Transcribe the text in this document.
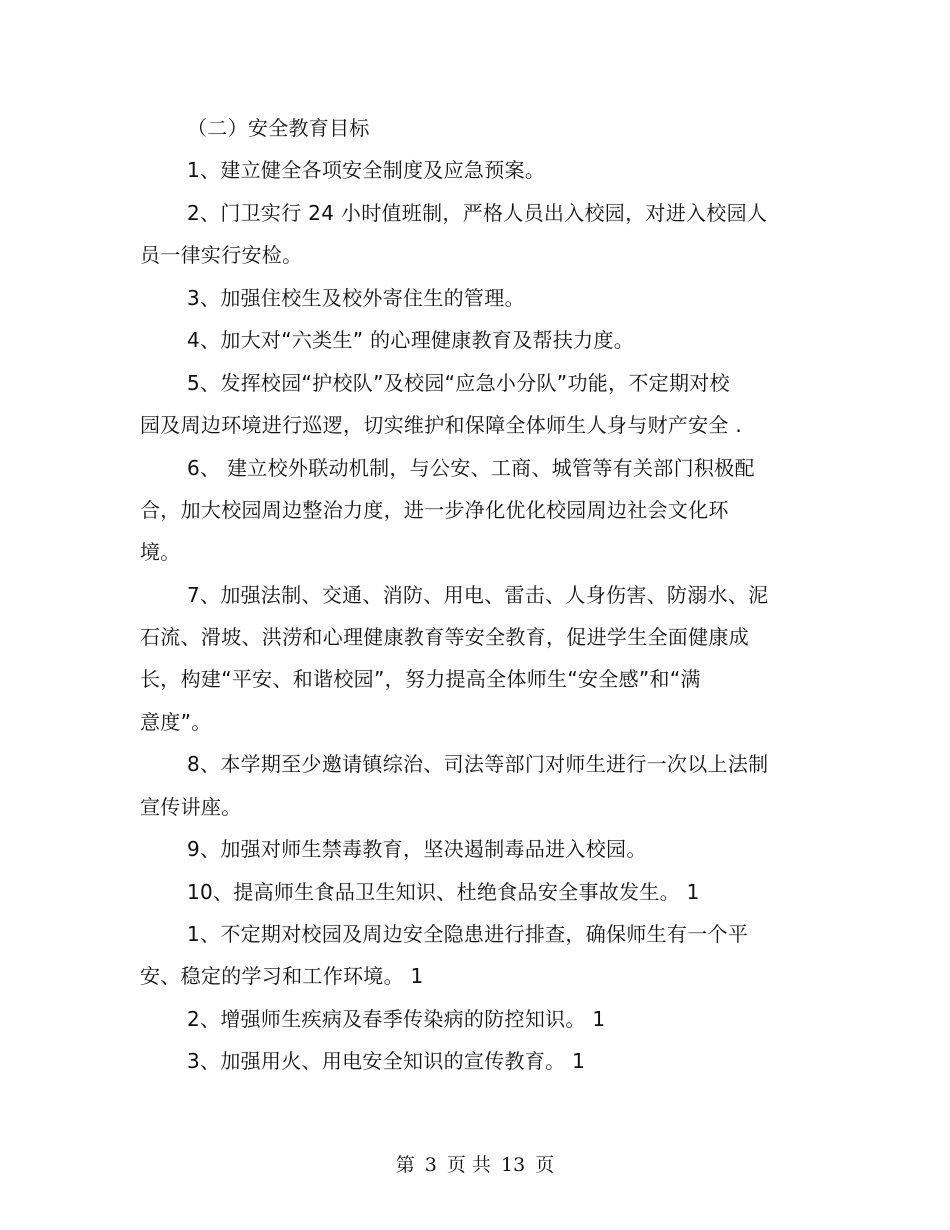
（二）安全教育目标
1、建立健全各项安全制度及应急预案。
2、门卫实行 24 小时值班制，严格人员出入校园，对进入校园人
员一律实行安检。
3、加强住校生及校外寄住生的管理。
4、加大对“六类生” 的心理健康教育及帮扶力度。
5、发挥校园“护校队”及校园“应急小分队”功能，不定期对校
园及周边环境进行巡逻，切实维护和保障全体师生人身与财产安全 .
6、 建立校外联动机制，与公安、工商、城管等有关部门积极配
合，加大校园周边整治力度，进一步净化优化校园周边社会文化环
境。
7、加强法制、交通、消防、用电、雷击、人身伤害、防溺水、泥
石流、滑坡、洪涝和心理健康教育等安全教育，促进学生全面健康成
长，构建“平安、和谐校园”，努力提高全体师生“安全感”和“满
意度”。
8、本学期至少邀请镇综治、司法等部门对师生进行一次以上法制
宣传讲座。
9、加强对师生禁毒教育，坚决遏制毒品进入校园。
10、提高师生食品卫生知识、杜绝食品安全事故发生。 1
1、不定期对校园及周边安全隐患进行排查，确保师生有一个平
安、稳定的学习和工作环境。 1
2、增强师生疾病及春季传染病的防控知识。 1
3、加强用火、用电安全知识的宣传教育。 1
第 3 页 共 13 页
